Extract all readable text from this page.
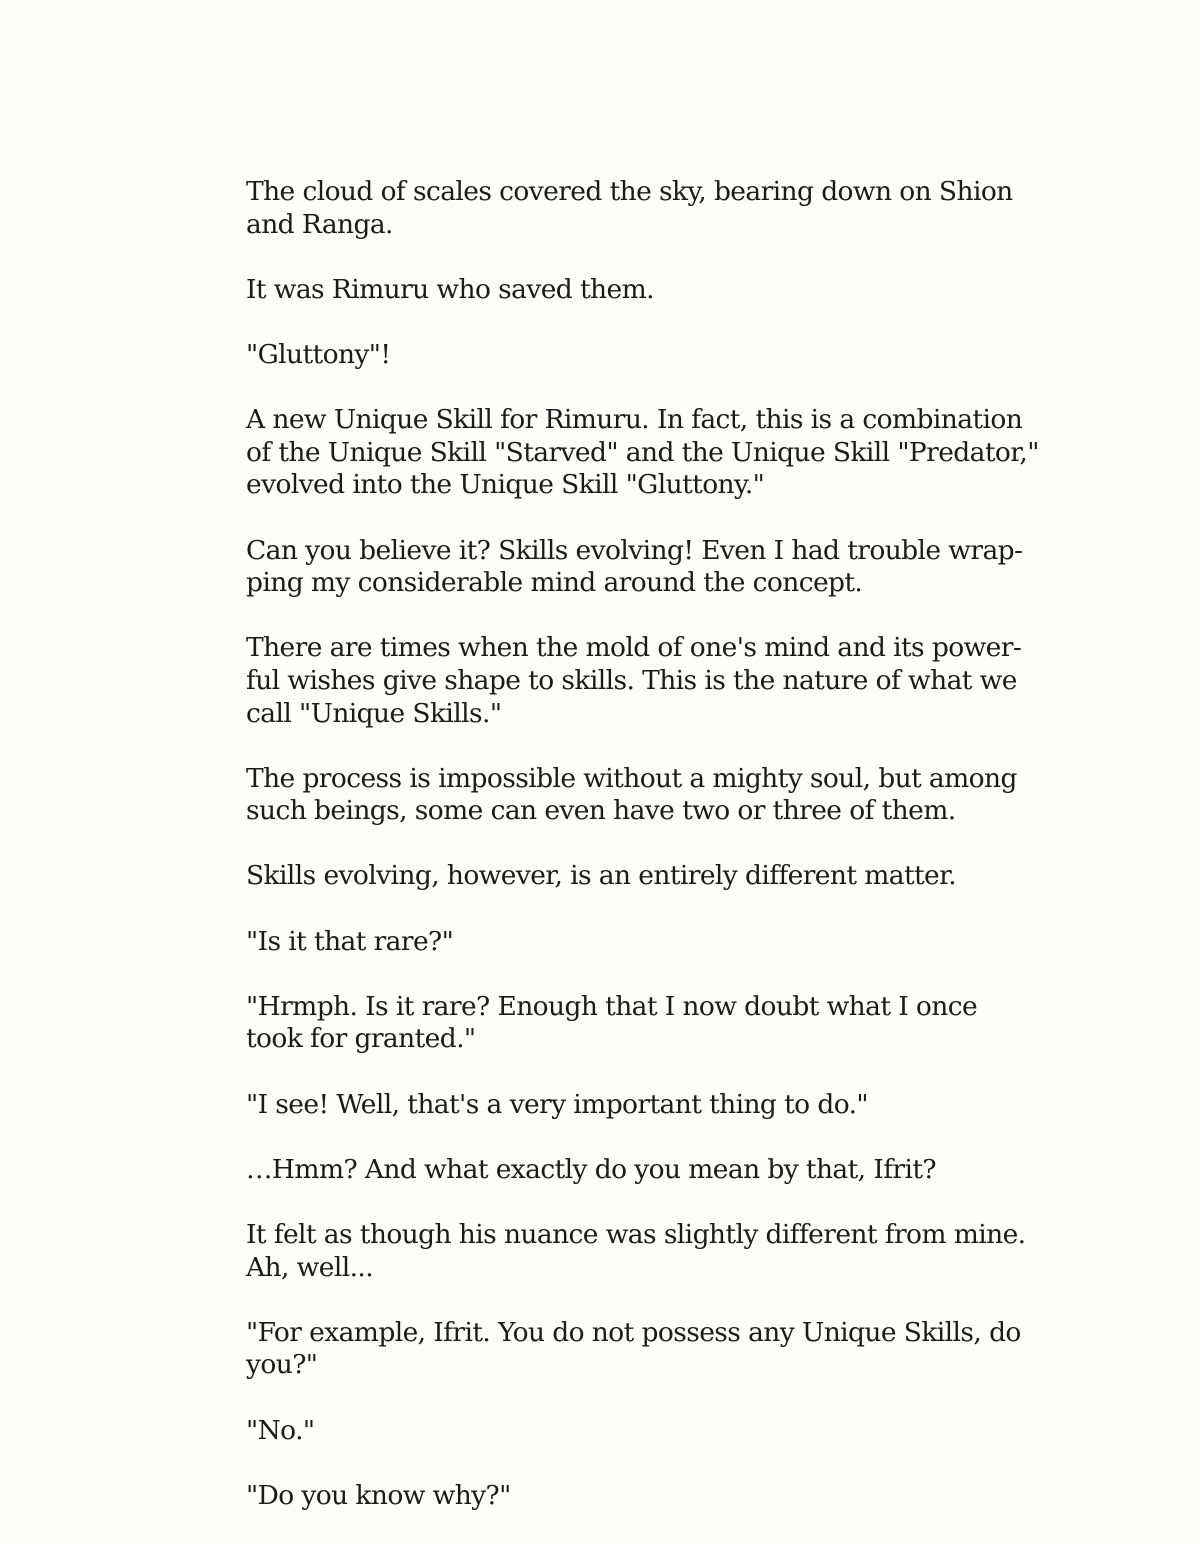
The cloud of scales covered the sky, bearing down on Shion
and Ranga.

It was Rimuru who saved them.

"Gluttony"!

A new Unique Skill for Rimuru. In fact, this is a combination
of the Unique Skill "Starved" and the Unique Skill "Predator,"
evolved into the Unique Skill "Gluttony."

Can you believe it? Skills evolving! Even I had trouble wrap-
ping my considerable mind around the concept.

There are times when the mold of one's mind and its power-
ful wishes give shape to skills. This is the nature of what we
call "Unique Skills."

The process is impossible without a mighty soul, but among
such beings, some can even have two or three of them.

Skills evolving, however, is an entirely different matter.

"Is it that rare?"

"Hrmph. Is it rare? Enough that I now doubt what I once
took for granted."

"I see! Well, that's a very important thing to do."

…Hmm? And what exactly do you mean by that, Ifrit?

It felt as though his nuance was slightly different from mine.
Ah, well...

"For example, Ifrit. You do not possess any Unique Skills, do
you?"

"No."

"Do you know why?"
